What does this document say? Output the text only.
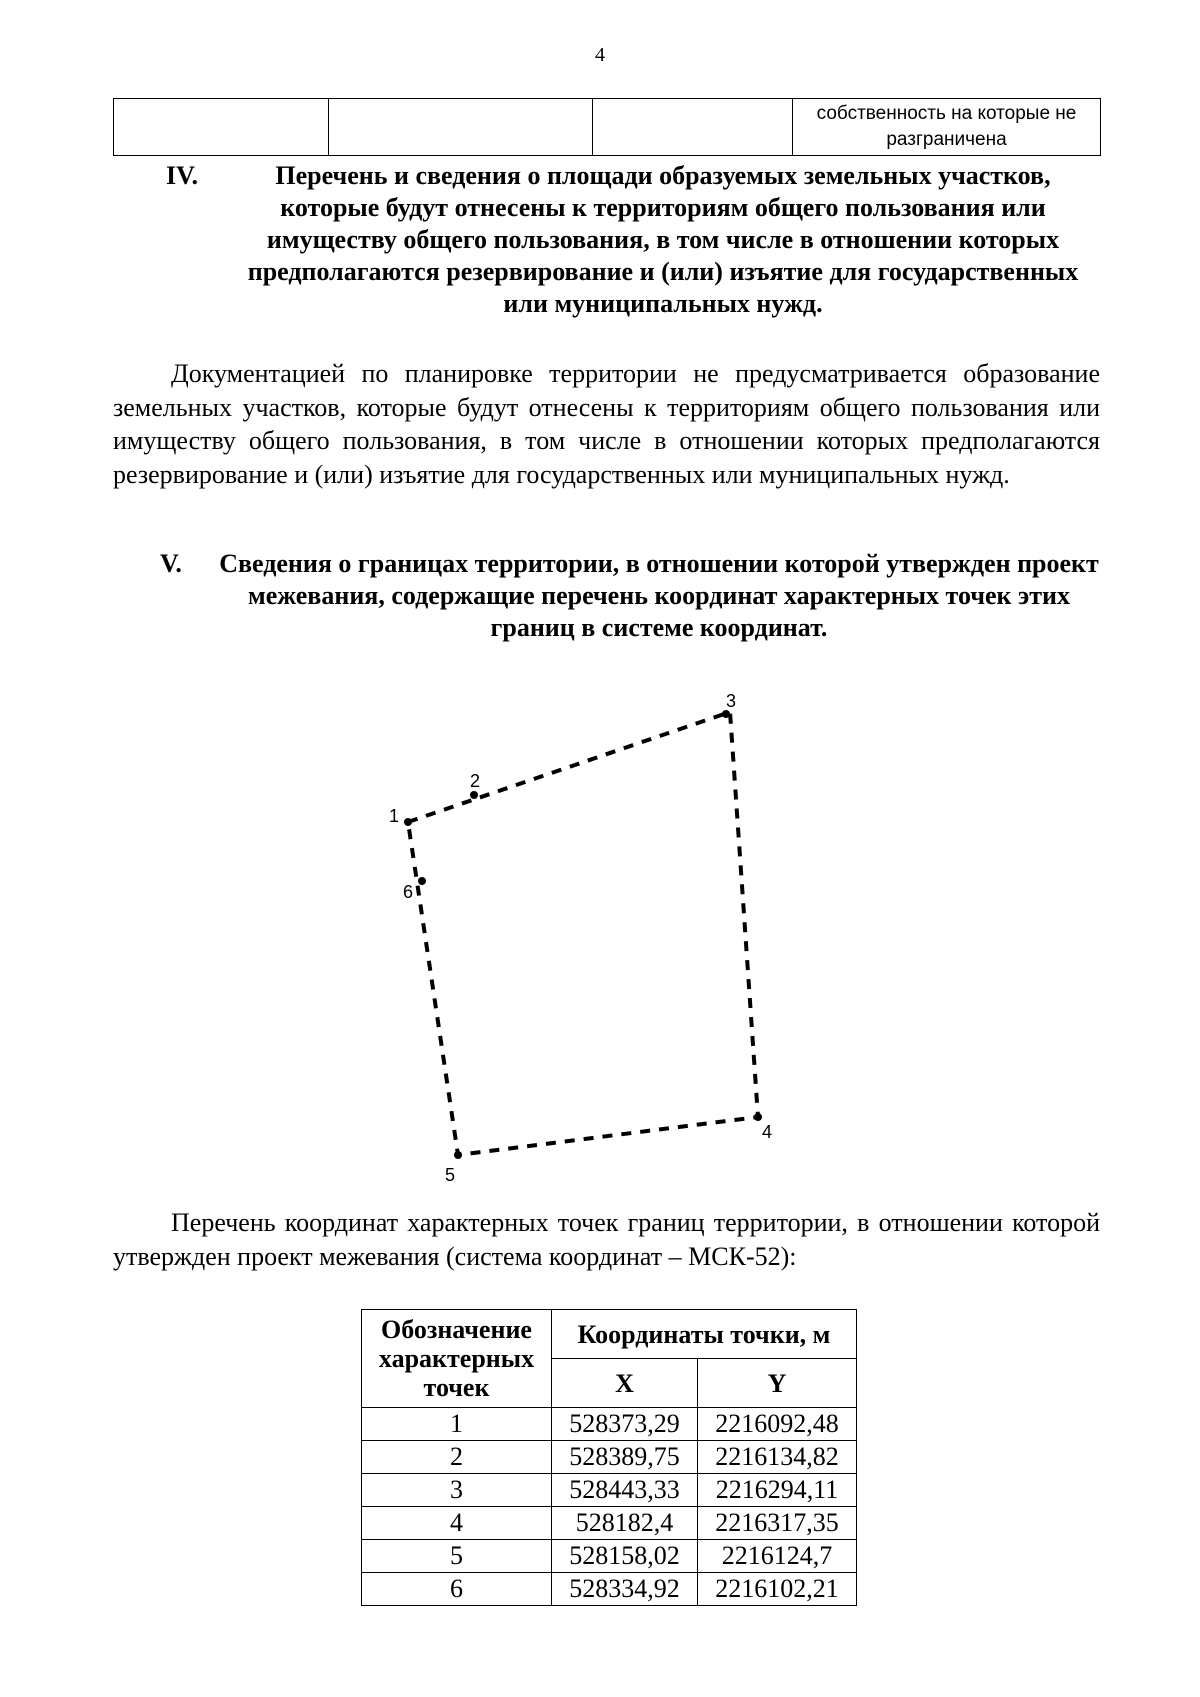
4
			собственность на которые не разграничена
IV.	Перечень и сведения о площади образуемых земельных участков, которые будут отнесены к территориям общего пользования или имуществу общего пользования, в том числе в отношении которых предполагаются резервирование и (или) изъятие для государственных или муниципальных нужд.
Документацией по планировке территории не предусматривается образование земельных участков, которые будут отнесены к территориям общего пользования или имуществу общего пользования, в том числе в отношении которых предполагаются резервирование и (или) изъятие для государственных или муниципальных нужд.
V. Сведения о границах территории, в отношении которой утвержден проект межевания, содержащие перечень координат характерных точек этих границ в системе координат.
1
2
3
4
5
6
Перечень координат характерных точек границ территории, в отношении которой утвержден проект межевания (система координат – МСК-52):
Обозначение характерных точек	Координаты точки, м	
	X	Y
1	528373,29	2216092,48
2	528389,75	2216134,82
3	528443,33	2216294,11
4	528182,4	2216317,35
5	528158,02	2216124,7
6	528334,92	2216102,21
